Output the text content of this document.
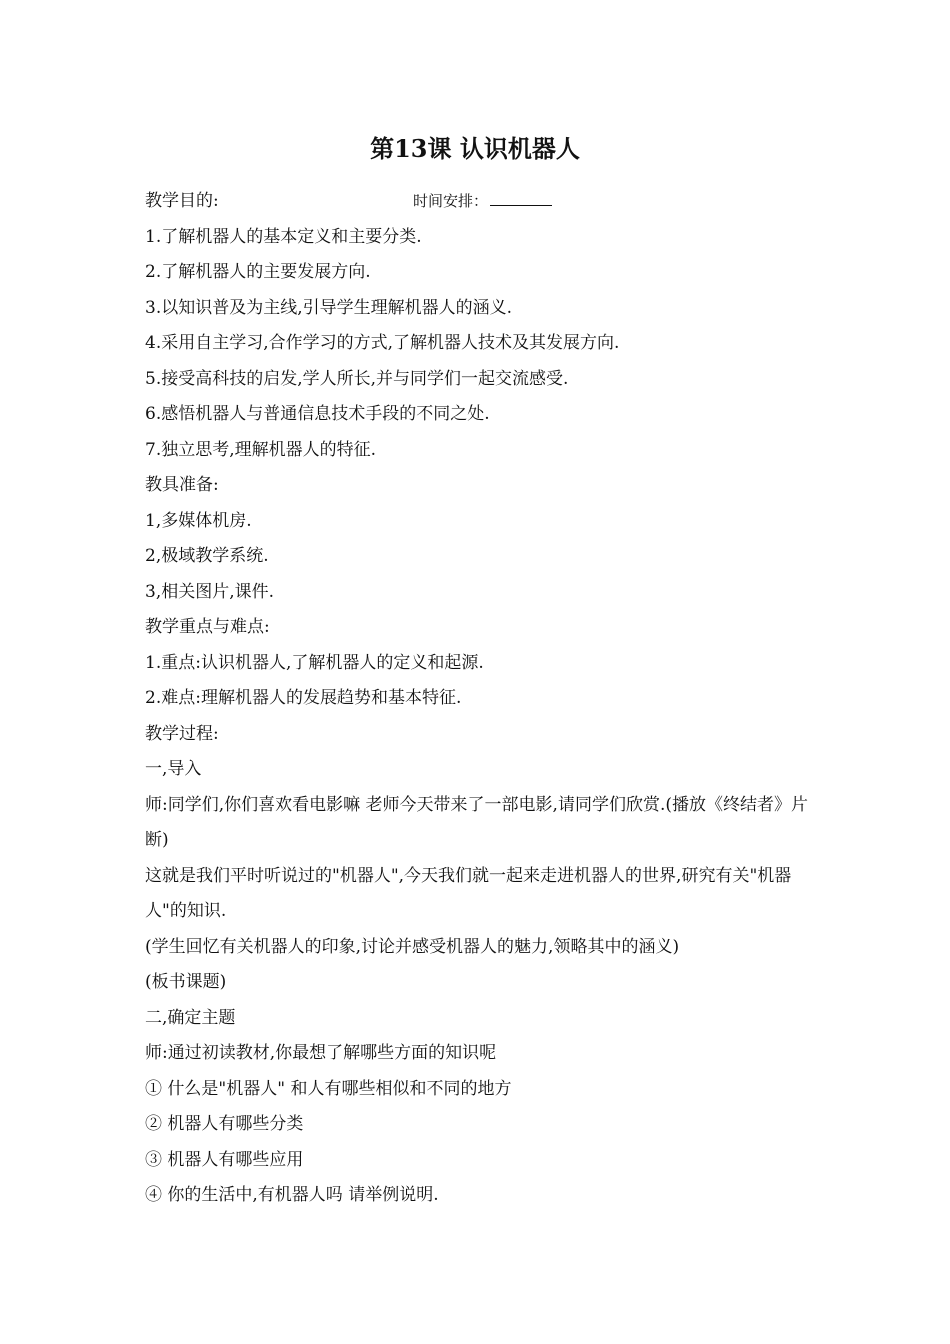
第13课 认识机器人
教学目的:	时间安排：
1.了解机器人的基本定义和主要分类.
2.了解机器人的主要发展方向.
3.以知识普及为主线,引导学生理解机器人的涵义.
4.采用自主学习,合作学习的方式,了解机器人技术及其发展方向.
5.接受高科技的启发,学人所长,并与同学们一起交流感受.
6.感悟机器人与普通信息技术手段的不同之处.
7.独立思考,理解机器人的特征.
教具准备:
1,多媒体机房.
2,极域教学系统.
3,相关图片,课件.
教学重点与难点:
1.重点:认识机器人,了解机器人的定义和起源.
2.难点:理解机器人的发展趋势和基本特征.
教学过程:
一,导入
师:同学们,你们喜欢看电影嘛 老师今天带来了一部电影,请同学们欣赏.(播放《终结者》片断)
这就是我们平时听说过的"机器人",今天我们就一起来走进机器人的世界,研究有关"机器人"的知识.
(学生回忆有关机器人的印象,讨论并感受机器人的魅力,领略其中的涵义)
(板书课题)
二,确定主题
师:通过初读教材,你最想了解哪些方面的知识呢
① 什么是"机器人" 和人有哪些相似和不同的地方
② 机器人有哪些分类
③ 机器人有哪些应用
④ 你的生活中,有机器人吗 请举例说明.
